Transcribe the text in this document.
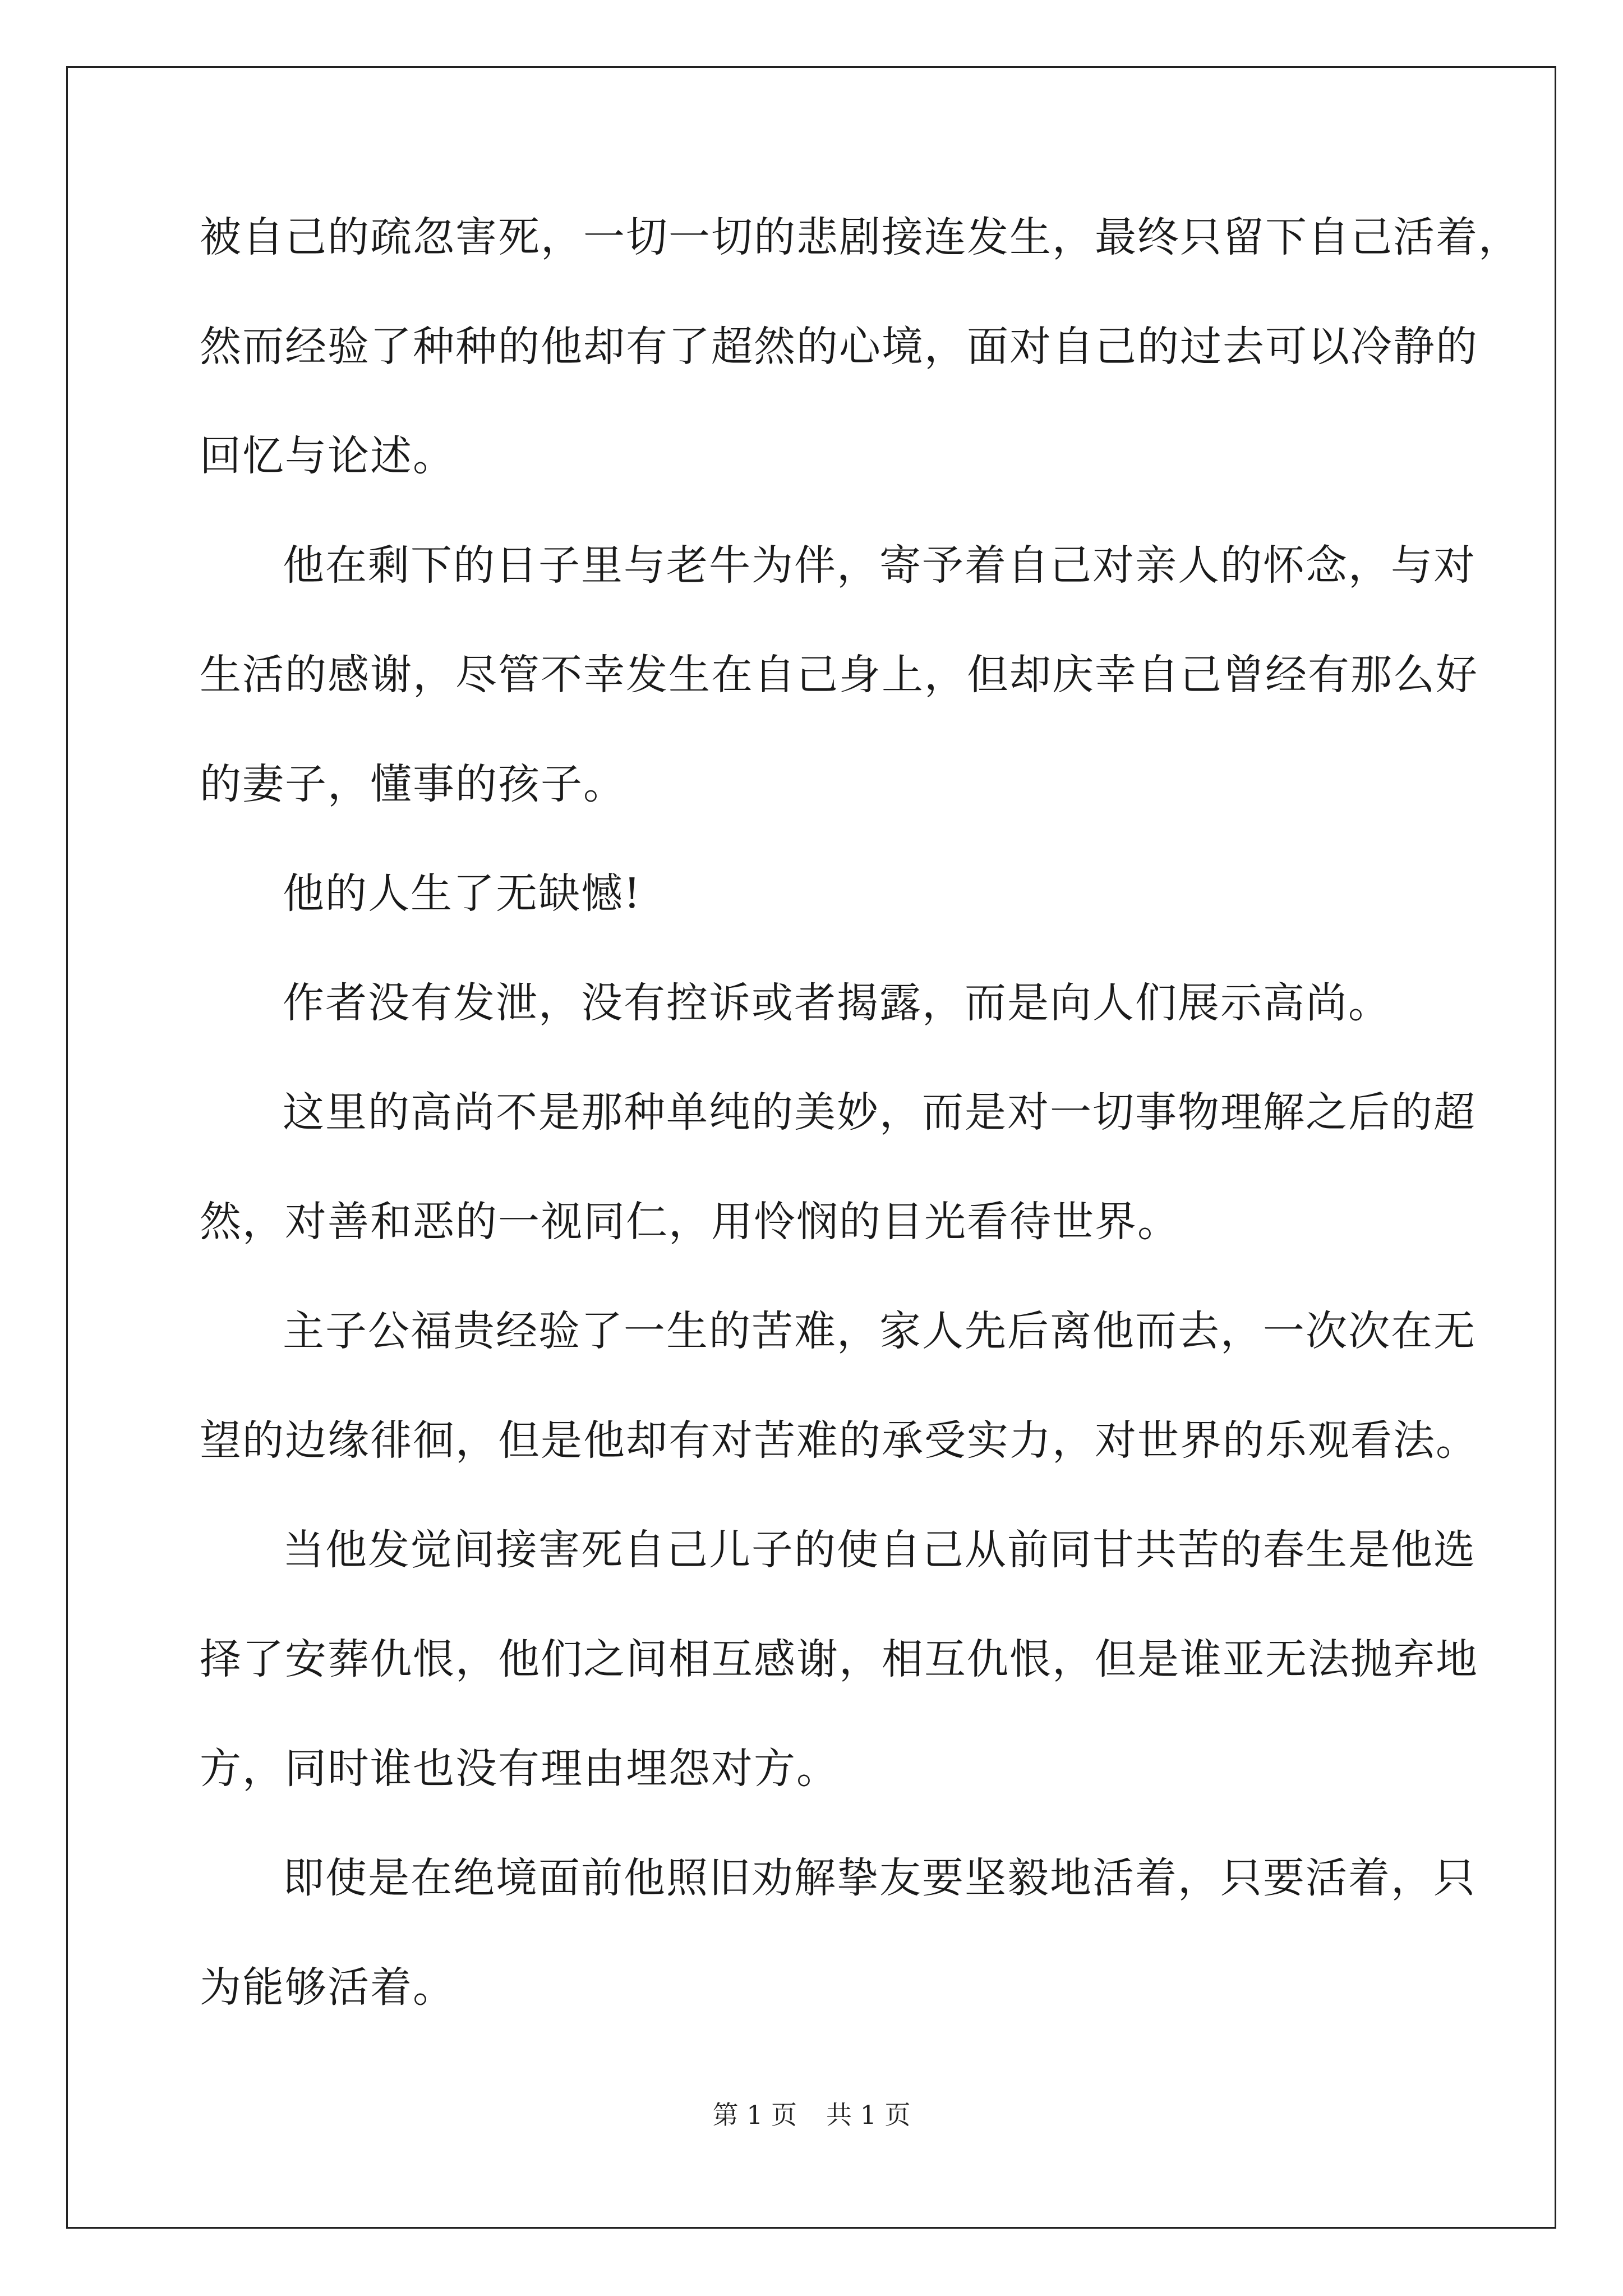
被自己的疏忽害死，一切一切的悲剧接连发生，最终只留下自己活着，
然而经验了种种的他却有了超然的心境，面对自己的过去可以冷静的
回忆与论述。
他在剩下的日子里与老牛为伴，寄予着自己对亲人的怀念，与对
生活的感谢，尽管不幸发生在自己身上，但却庆幸自己曾经有那么好
的妻子，懂事的孩子。
他的人生了无缺憾!
作者没有发泄，没有控诉或者揭露，而是向人们展示高尚。
这里的高尚不是那种单纯的美妙，而是对一切事物理解之后的超
然，对善和恶的一视同仁，用怜悯的目光看待世界。
主子公福贵经验了一生的苦难，家人先后离他而去，一次次在无
望的边缘徘徊，但是他却有对苦难的承受实力，对世界的乐观看法。
当他发觉间接害死自己儿子的使自己从前同甘共苦的春生是他选
择了安葬仇恨，他们之间相互感谢，相互仇恨，但是谁亚无法抛弃地
方，同时谁也没有理由埋怨对方。
即使是在绝境面前他照旧劝解挚友要坚毅地活着，只要活着，只
为能够活着。
第 1 页 共 1 页
